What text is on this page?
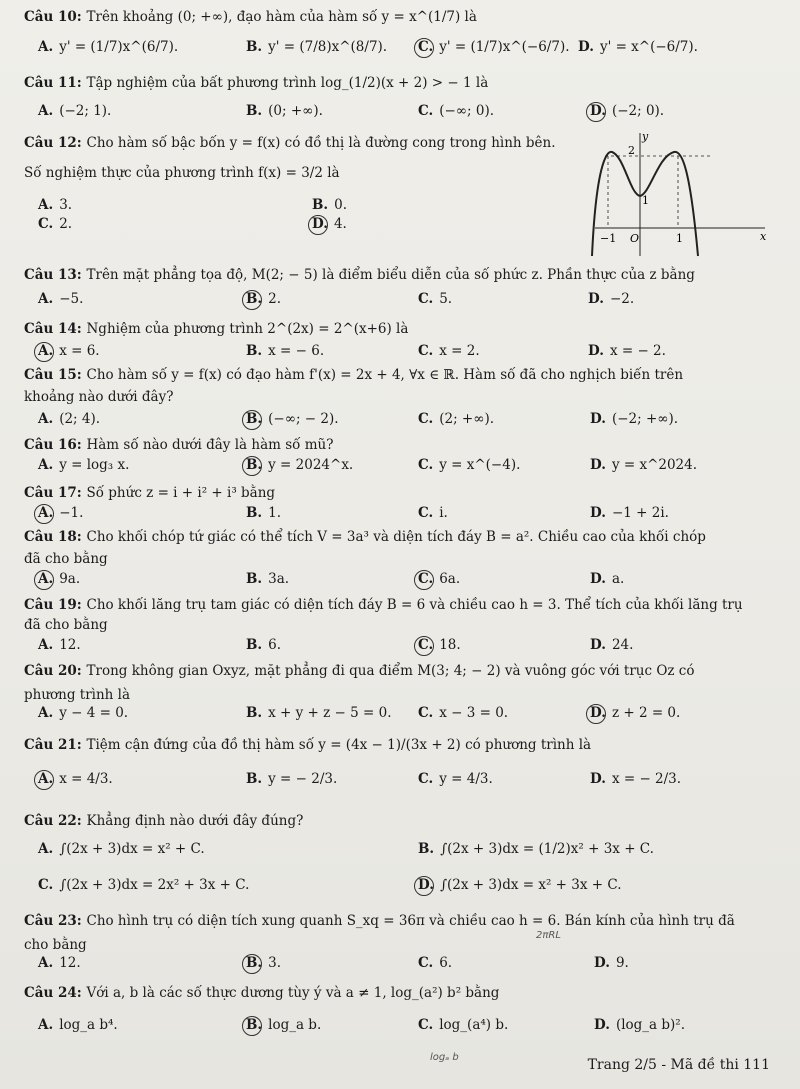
Câu 10: Trên khoảng (0; +∞), đạo hàm của hàm số y = x^(1/7) là
A. y' = (1/7)x^(6/7).	B. y' = (7/8)x^(8/7). C. y' = (1/7)x^(−6/7). D. y' = x^(−6/7).
Câu 11: Tập nghiệm của bất phương trình log_(1/2)(x + 2) > − 1 là
A. (−2; 1).	B. (0; +∞).	C. (−∞; 0).	D. (−2; 0).
Câu 12: Cho hàm số bậc bốn y = f(x) có đồ thị là đường cong trong hình bên.
Số nghiệm thực của phương trình f(x) = 3/2 là
A. 3.	B. 0.
C. 2.	D. 4.
y
x
2
1
−1	1
O
Câu 13: Trên mặt phẳng tọa độ, M(2; − 5) là điểm biểu diễn của số phức z. Phần thực của z bằng
A. −5.	B. 2.	C. 5.	D. −2.
Câu 14: Nghiệm của phương trình 2^(2x) = 2^(x+6) là
A. x = 6.	B. x = − 6.	C. x = 2.	D. x = − 2.
Câu 15: Cho hàm số y = f(x) có đạo hàm f'(x) = 2x + 4, ∀x ∈ ℝ. Hàm số đã cho nghịch biến trên
khoảng nào dưới đây?
A. (2; 4).	B. (−∞; − 2).	C. (2; +∞).	D. (−2; +∞).
Câu 16: Hàm số nào dưới đây là hàm số mũ?
A. y = log₃ x.	B. y = 2024^x.	C. y = x^(−4).	D. y = x^2024.
Câu 17: Số phức z = i + i² + i³ bằng
A. −1.	B. 1.	C. i.	D. −1 + 2i.
Câu 18: Cho khối chóp tứ giác có thể tích V = 3a³ và diện tích đáy B = a². Chiều cao của khối chóp
đã cho bằng
A. 9a.	B. 3a.	C. 6a.	D. a.
Câu 19: Cho khối lăng trụ tam giác có diện tích đáy B = 6 và chiều cao h = 3. Thể tích của khối lăng trụ
đã cho bằng
A. 12.	B. 6.	C. 18.	D. 24.
Câu 20: Trong không gian Oxyz, mặt phẳng đi qua điểm M(3; 4; − 2) và vuông góc với trục Oz có
phương trình là
A. y − 4 = 0.	B. x + y + z − 5 = 0. C. x − 3 = 0.	D. z + 2 = 0.
Câu 21: Tiệm cận đứng của đồ thị hàm số y = (4x − 1)/(3x + 2) có phương trình là
A. x = 4/3.	B. y = − 2/3.	C. y = 4/3.	D. x = − 2/3.
Câu 22: Khẳng định nào dưới đây đúng?
A. ∫(2x + 3)dx = x² + C.	B. ∫(2x + 3)dx = (1/2)x² + 3x + C.
C. ∫(2x + 3)dx = 2x² + 3x + C.	D. ∫(2x + 3)dx = x² + 3x + C.
Câu 23: Cho hình trụ có diện tích xung quanh S_xq = 36π và chiều cao h = 6. Bán kính của hình trụ đã
cho bằng
2πRL
A. 12.	B. 3.	C. 6.	D. 9.
Câu 24: Với a, b là các số thực dương tùy ý và a ≠ 1, log_(a²) b² bằng
A. log_a b⁴.	B. log_a b.	C. log_(a⁴) b.	D. (log_a b)².
logₐ b	Trang 2/5 - Mã đề thi 111
